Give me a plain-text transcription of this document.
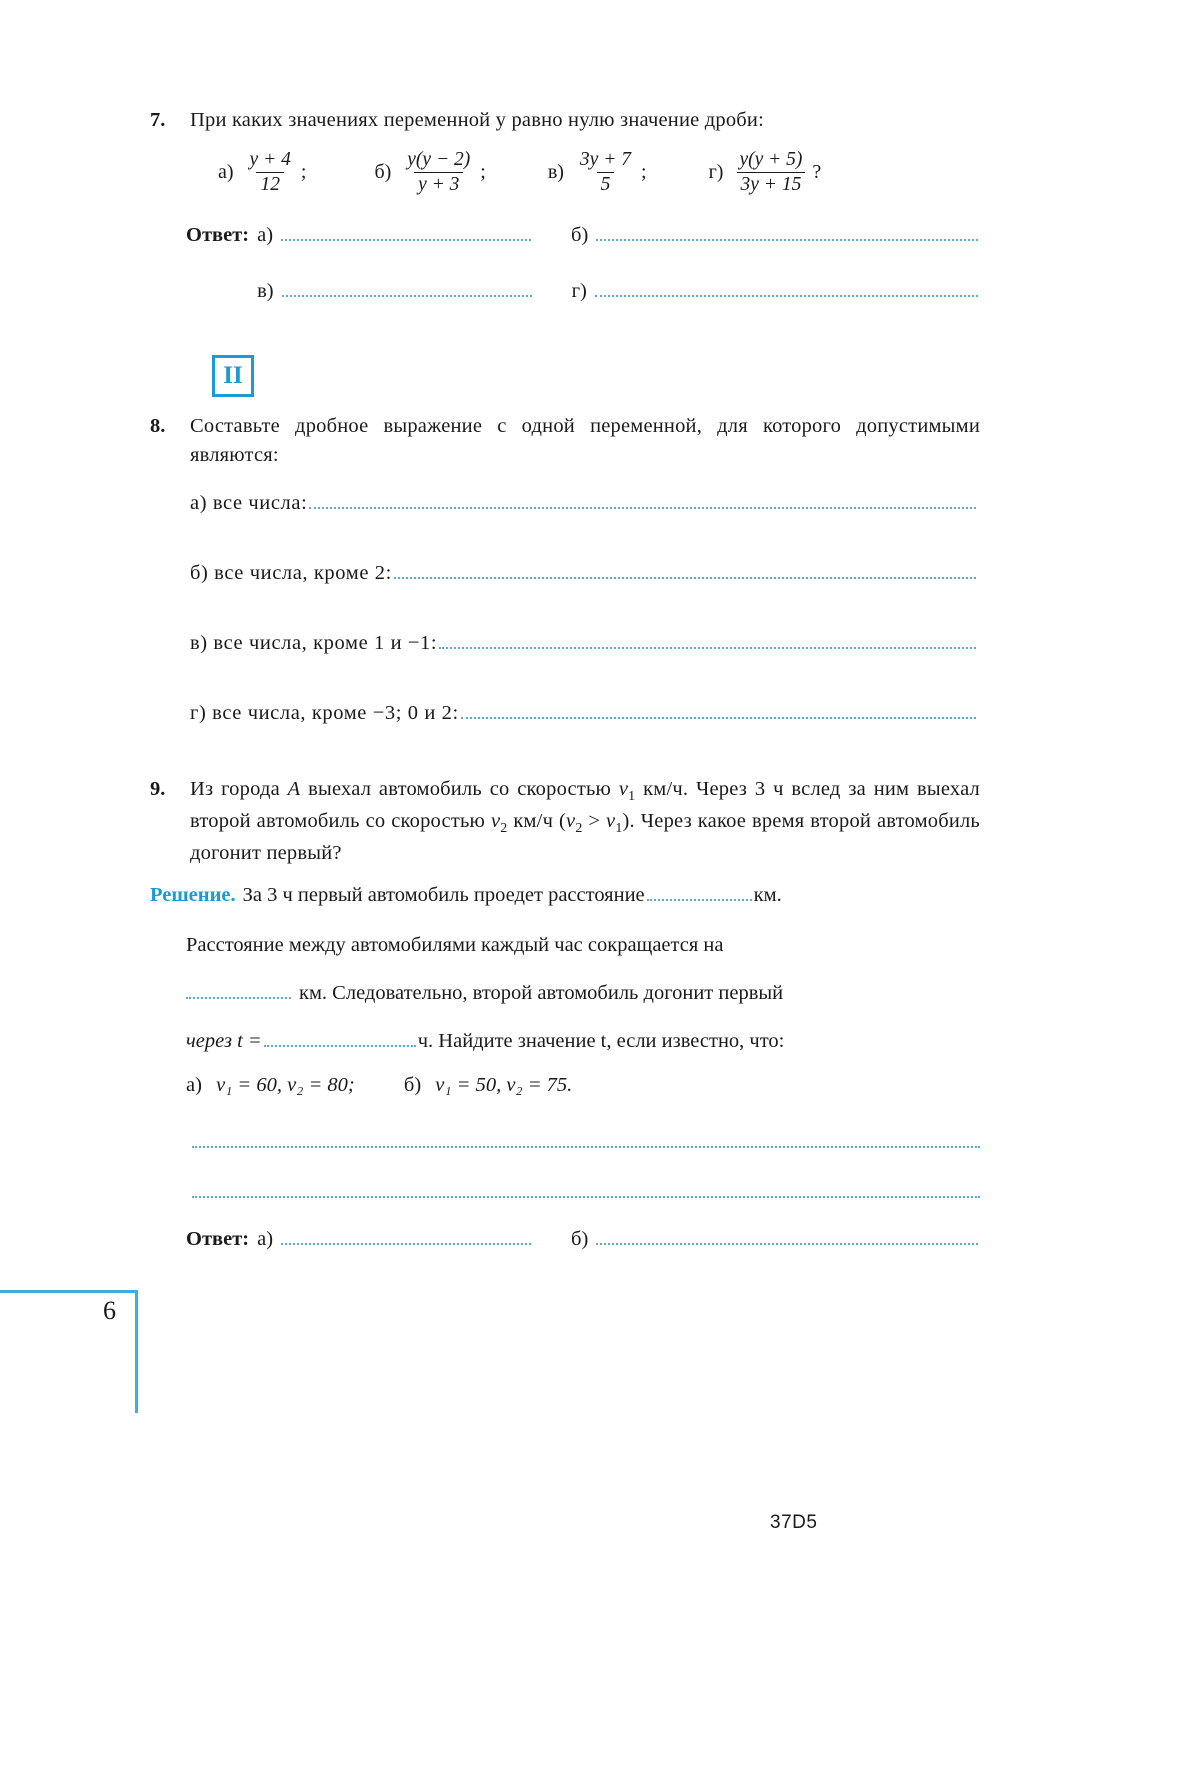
7. При каких значениях переменной y равно нулю значение дроби:
$а) \frac{y + 4}{12}$ ;	$б) \frac{y(y - 2)}{y + 3}$ ;	$в) \frac{3y + 7}{5}$ ;	$г) \frac{y(y + 5)}{3y + 15}$ ?
Ответ: а)	б)
в)	г)
II
8. Составьте дробное выражение с одной переменной, для которого допустимыми являются:
а) все числа:
б) все числа, кроме 2:
в) все числа, кроме 1 и −1:
г) все числа, кроме −3; 0 и 2:
9. Из города A выехал автомобиль со скоростью $v_1$ км/ч. Через 3 ч вслед за ним выехал второй автомобиль со скоростью $v_2$ км/ч $(v_2 > v_1)$. Через какое время второй автомобиль догонит первый?
Решение. За 3 ч первый автомобиль проедет расстояние	км.
Расстояние между автомобилями каждый час сокращается на
км. Следовательно, второй автомобиль догонит первый
через t =	ч. Найдите значение t, если известно, что:
а) v₁ = 60, v₂ = 80; б) v₁ = 50, v₂ = 75.
Ответ: а)	б)
6
37D5
